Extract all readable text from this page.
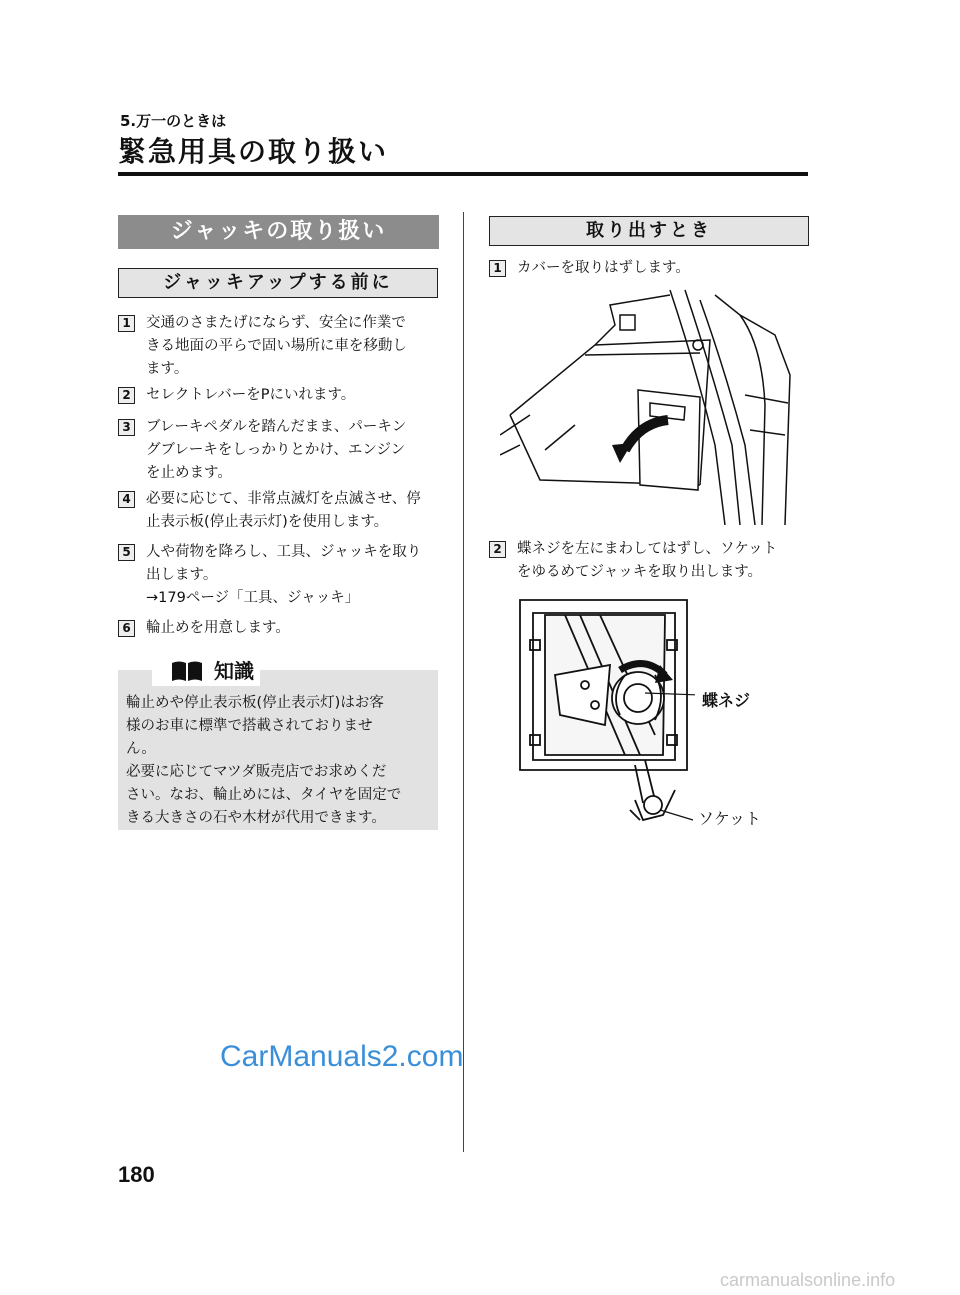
5.万一のときは
緊急用具の取り扱い
ジャッキの取り扱い
ジャッキアップする前に
1 交通のさまたげにならず、安全に作業で
きる地面の平らで固い場所に車を移動し
ます。
2 セレクトレバーをPにいれます。
3 ブレーキペダルを踏んだまま、パーキン
グブレーキをしっかりとかけ、エンジン
を止めます。
4 必要に応じて、非常点滅灯を点滅させ、停
止表示板(停止表示灯)を使用します。
5 人や荷物を降ろし、工具、ジャッキを取り
出します。
→179ページ「工具、ジャッキ」
6 輪止めを用意します。
知識
輪止めや停止表示板(停止表示灯)はお客
様のお車に標準で搭載されておりませ
ん。
必要に応じてマツダ販売店でお求めくだ
さい。なお、輪止めには、タイヤを固定で
きる大きさの石や木材が代用できます。
取り出すとき
1 カバーを取りはずします。
2 蝶ネジを左にまわしてはずし、ソケット
をゆるめてジャッキを取り出します。
蝶ネジ
ソケット
CarManuals2.com
180
carmanualsonline.info
